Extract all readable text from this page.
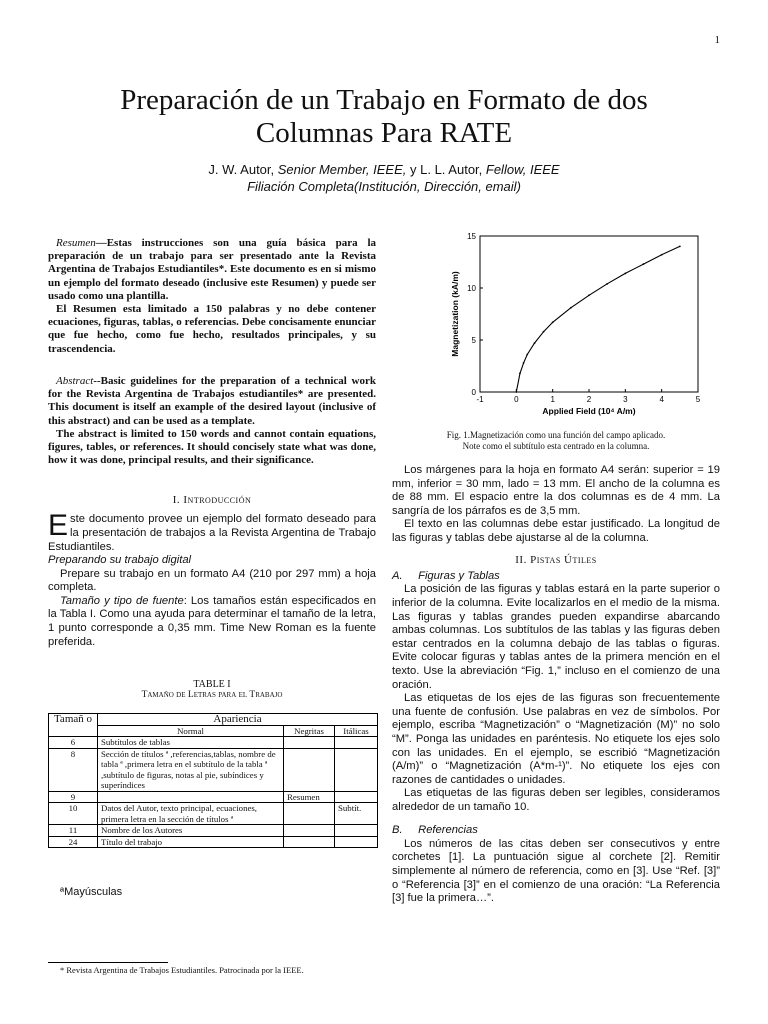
1
Preparación de un Trabajo en Formato de dos Columnas Para RATE
J. W. Autor, Senior Member, IEEE, y L. L. Autor, Fellow, IEEE
Filiación Completa(Institución, Dirección, email)

Resumen—Estas instrucciones son una guía básica para la preparación de un trabajo para ser presentado ante la Revista Argentina de Trabajos Estudiantiles*. Este documento es en si mismo un ejemplo del formato deseado (inclusive este Resumen) y puede ser usado como una plantilla.

El Resumen esta limitado a 150 palabras y no debe contener ecuaciones, figuras, tablas, o referencias. Debe concisamente enunciar que fue hecho, como fue hecho, resultados principales, y su trascendencia.

Abstract--Basic guidelines for the preparation of a technical work for the Revista Argentina de Trabajos estudiantiles* are presented. This document is itself an example of the desired layout (inclusive of this abstract) and can be used as a template.

The abstract is limited to 150 words and cannot contain equations, figures, tables, or references. It should concisely state what was done, how it was done, principal results, and their significance.

I. Introducción

Este documento provee un ejemplo del formato deseado para la presentación de trabajos a la Revista Argentina de Trabajo Estudiantiles.

Preparando su trabajo digital

Prepare su trabajo en un formato A4 (210 por 297 mm) a hoja completa.

Tamaño y tipo de fuente: Los tamaños están especificados en la Tabla I. Como una ayuda para determinar el tamaño de la letra, 1 punto corresponde a 0,35 mm. Time New Roman es la fuente preferida.

TABLE I
Tamaño de Letras para el Trabajo
Tamañ o	Apariencia		
	Normal	Negritas	Itálicas
6	Subtítulos de tablas		
8	Sección de títulos ª ,referencias,tablas, nombre de tabla ª ,primera letra en el subtítulo de la tabla ª ,subtítulo de figuras, notas al pie, subíndices y superíndices		
9		Resumen	
10	Datos del Autor, texto principal, ecuaciones, primera letra en la sección de títulos ª		Subtít.
11	Nombre de los Autores		
24	Título del trabajo		
ªMayúsculas
* Revista Argentina de Trabajos Estudiantiles. Patrocinada por la IEEE.
-1	0	1	2	3	4	5
0
5
10
15
Applied Field (10⁴ A/m)
Magnetization (kA/m)
Fig. 1.Magnetización como una función del campo aplicado.
Note como el subtítulo esta centrado en la columna.

Los márgenes para la hoja en formato A4 serán: superior = 19 mm, inferior = 30 mm, lado = 13 mm. El ancho de la columna es de 88 mm. El espacio entre la dos columnas es de 4 mm. La sangría de los párrafos es de 3,5 mm.

El texto en las columnas debe estar justificado. La longitud de las figuras y tablas debe ajustarse al de la columna.

II. Pistas Útiles
A.     Figuras y Tablas

La posición de las figuras y tablas estará en la parte superior o inferior de la columna. Evite localizarlos en el medio de la misma. Las figuras y tablas grandes pueden expandirse abarcando ambas columnas. Los subtítulos de las tablas y las figuras deben estar centrados en la columna debajo de las tablas o figuras. Evite colocar figuras y tablas antes de la primera mención en el texto. Use la abreviación “Fig. 1,” incluso en el comienzo de una oración.

Las etiquetas de los ejes de las figuras son frecuentemente una fuente de confusión. Use palabras en vez de símbolos. Por ejemplo, escriba “Magnetización” o “Magnetización (M)” no solo “M”. Ponga las unidades en paréntesis. No etiquete los ejes solo con las unidades. En el ejemplo, se escribió “Magnetización (A/m)” o “Magnetización (A*m-¹)”. No etiquete los ejes con razones de cantidades o unidades.

Las etiquetas de las figuras deben ser legibles, consideramos alrededor de un tamaño 10.

B.     Referencias

Los números de las citas deben ser consecutivos y entre corchetes [1]. La puntuación sigue al corchete [2]. Remitir simplemente al número de referencia, como en [3]. Use “Ref. [3]” o “Referencia [3]” en el comienzo de una oración: “La Referencia [3] fue la primera…”.
